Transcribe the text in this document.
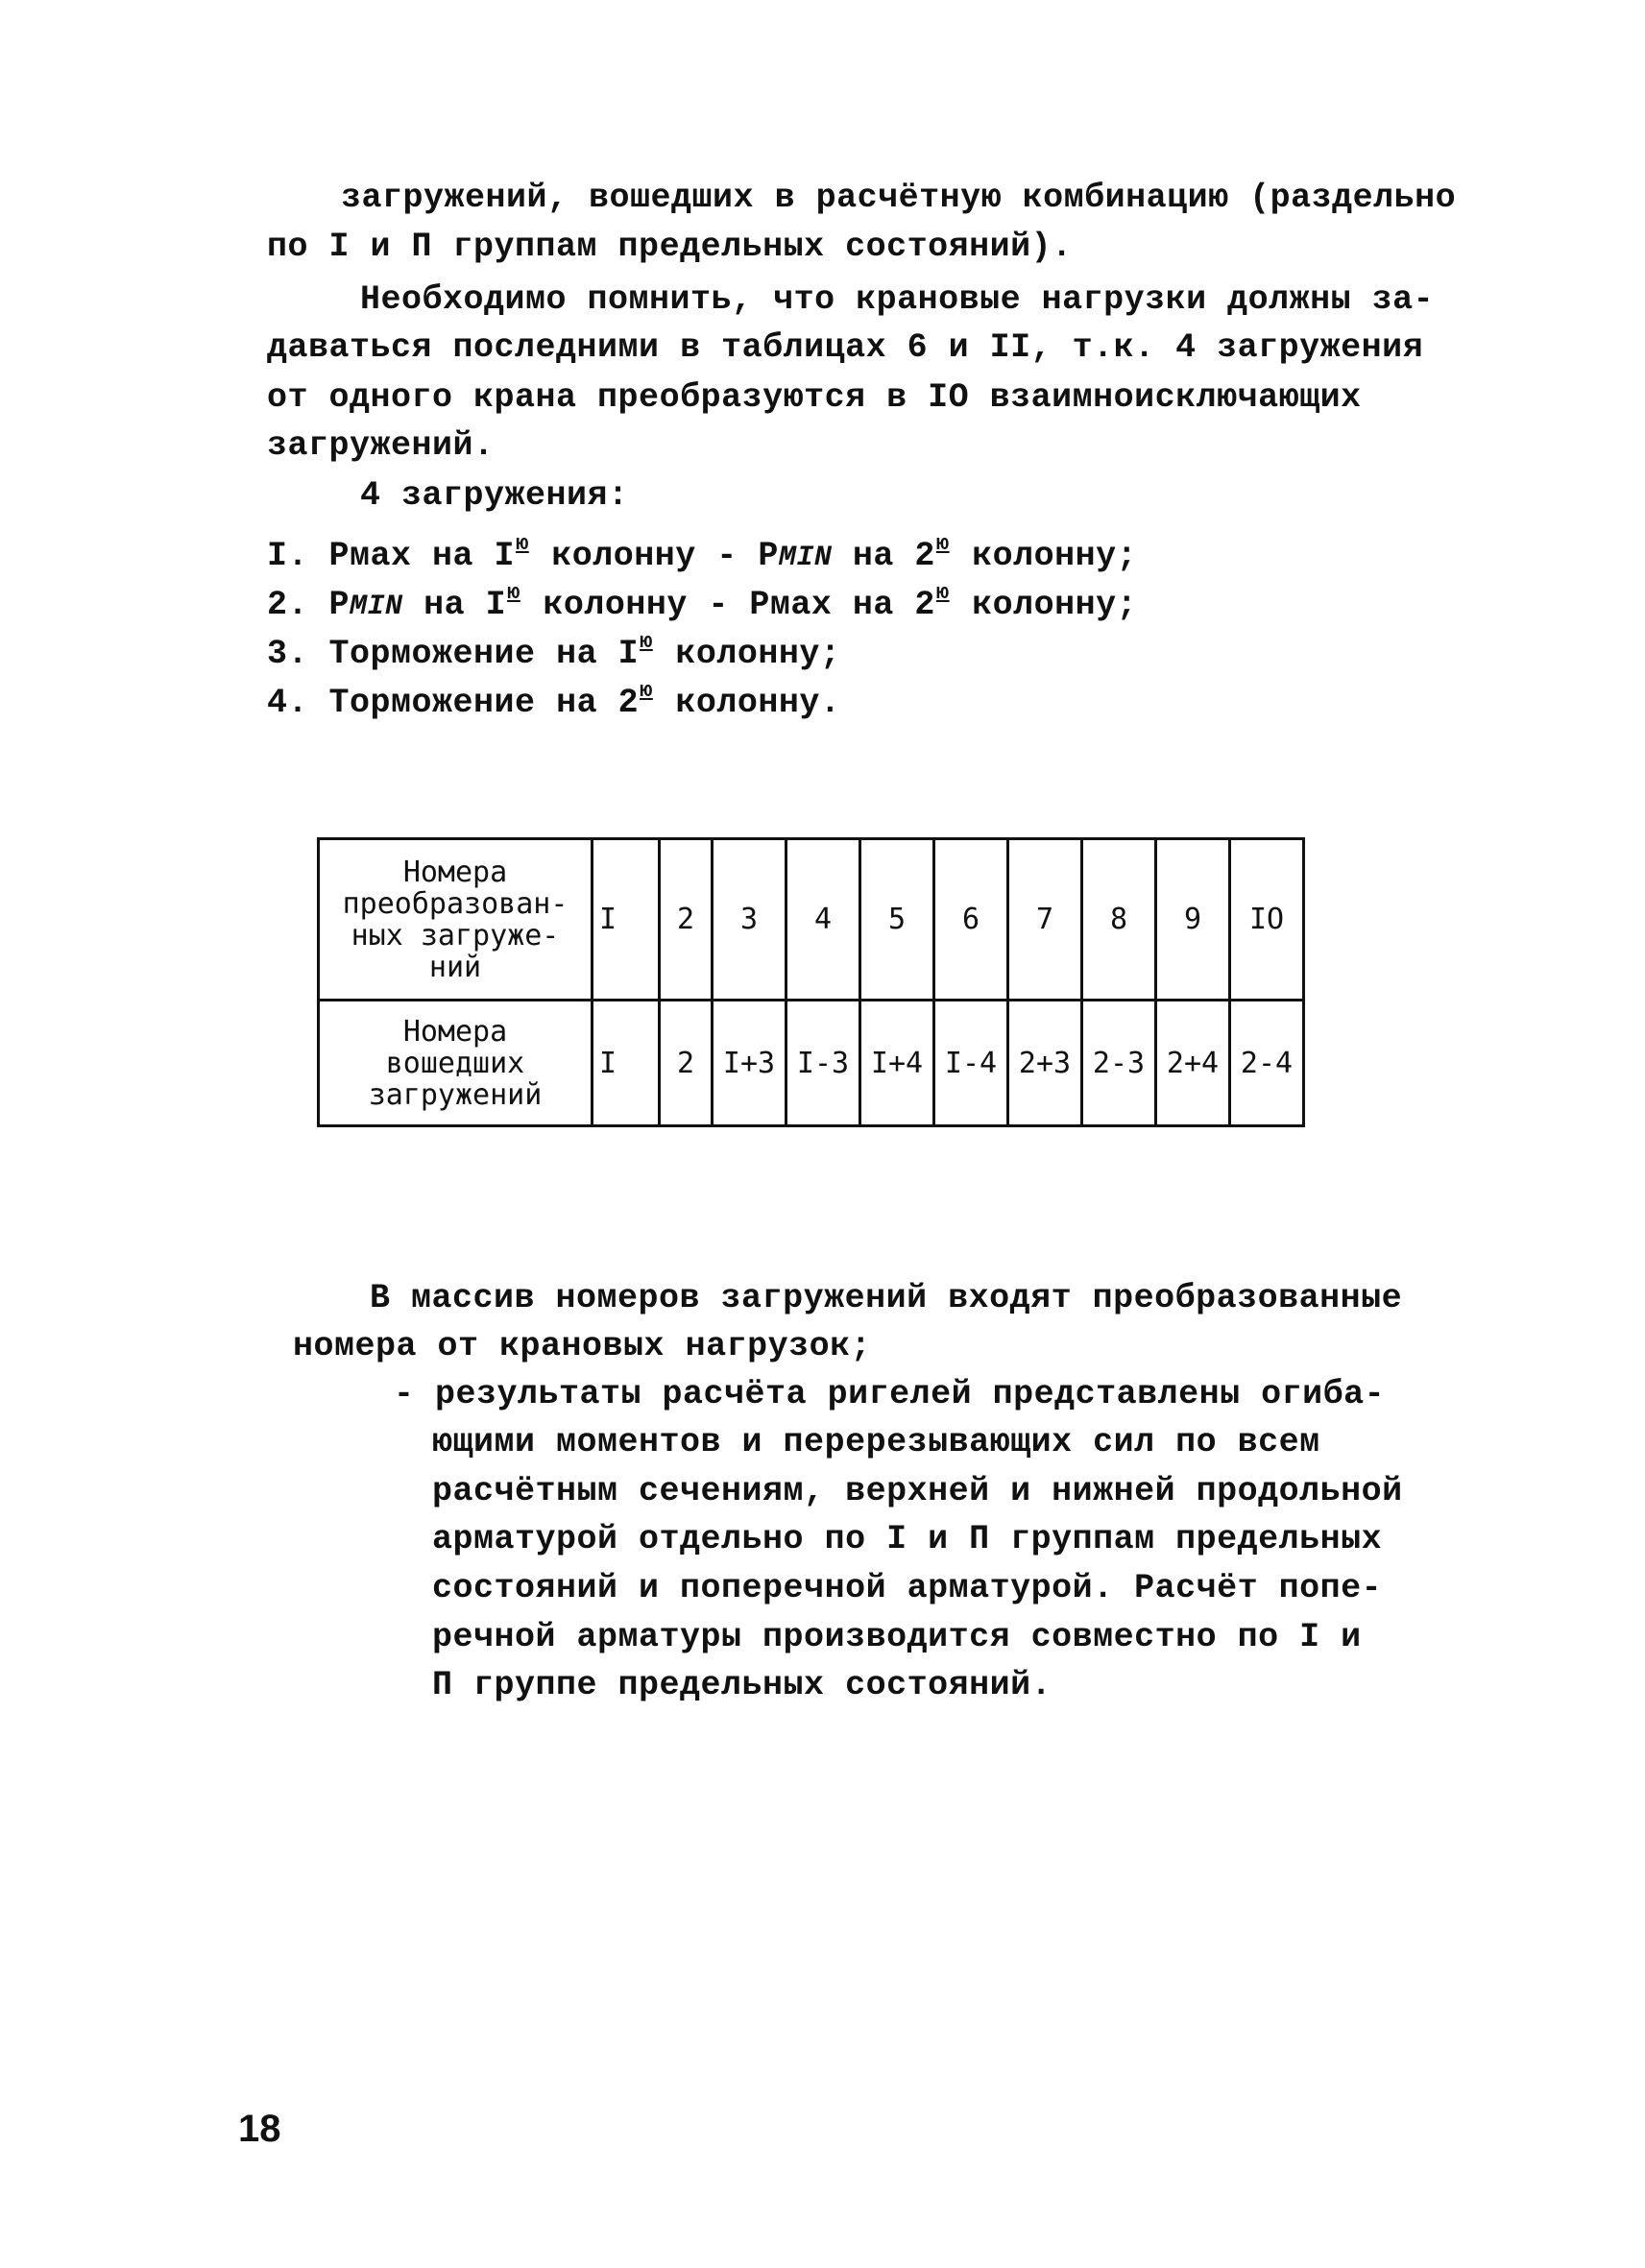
загружений, вошедших в расчётную комбинацию (раздельно
по I и П группам предельных состояний).
Необходимо помнить, что крановые нагрузки должны за-
даваться последними в таблицах 6 и II, т.к. 4 загружения
от одного крана преобразуются в IO взаимноисключающих
загружений.
4 загружения:
I. Pмах на $I^ю$ колонну - PMIN на $2^ю$ колонну;
2. PMIN на $I^ю$ колонну - Pмах на $2^ю$ колонну;
3. Торможение на $I^ю$ колонну;
4. Торможение на $2^ю$ колонну.
Номера
преобразован-
ных загруже-
ний	I	2	3	4	5	6	7	8	9	IO

Номера
вошедших
загружений	I	2	I+3	I-3	I+4	I-4	2+3	2-3	2+4	2-4
В массив номеров загружений входят преобразованные
номера от крановых нагрузок;
- результаты расчёта ригелей представлены огиба-
ющими моментов и перерезывающих сил по всем
расчётным сечениям, верхней и нижней продольной
арматурой отдельно по I и П группам предельных
состояний и поперечной арматурой. Расчёт попе-
речной арматуры производится совместно по I и
П группе предельных состояний.
18
